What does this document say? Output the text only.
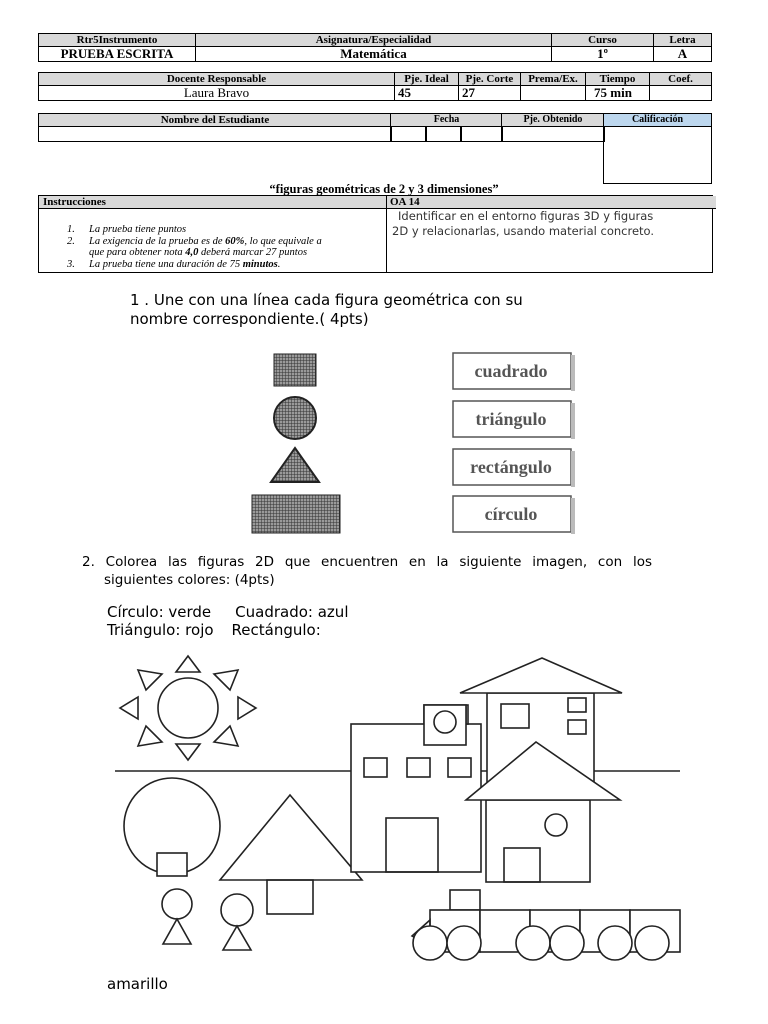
Rtr5Instrumento	Asignatura/Especialidad	Curso	Letra
PRUEBA ESCRITA	Matemática	1º	A
Docente Responsable	Pje. Ideal	Pje. Corte	Prema/Ex.	Tiempo	Coef.
Laura Bravo	45	27		75 min	
Nombre del Estudiante	Fecha	Pje. Obtenido	Calificación
“figuras geométricas de 2 y 3 dimensiones”
Instrucciones	OA 14
1. La prueba tiene puntos
2. La exigencia de la prueba es de 60%, lo que equivale a
que para obtener nota 4,0 deberá marcar 27 puntos
3. La prueba tiene una duración de 75 minutos.
Identificar en el entorno figuras 3D y figuras
2D y relacionarlas, usando material concreto.
1 . Une con una línea cada figura geométrica con su
nombre correspondiente.( 4pts)
cuadrado
triángulo
rectángulo
círculo
2. Colorea las figuras 2D que encuentren en la siguiente imagen, con los
siguientes colores: (4pts)
Círculo: verde Cuadrado: azul
Triángulo: rojo Rectángulo:
amarillo
